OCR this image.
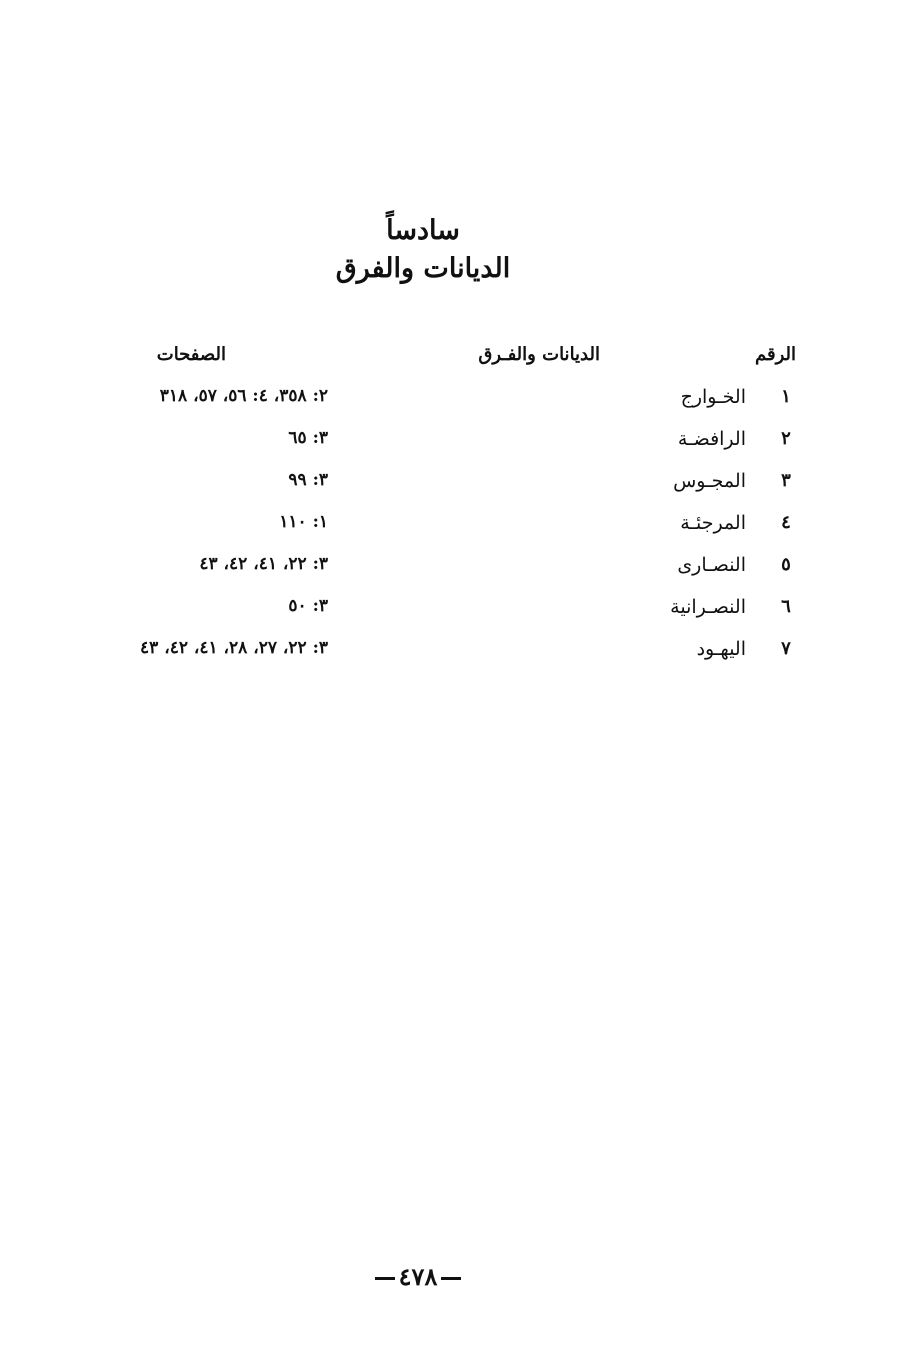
سادساً
الديانات والفرق
الرقم
الديانات والفـرق
الصفحات
١
الخـوارج
٢: ٣٥٨، ٤: ٥٦، ٥٧، ٣١٨
٢
الرافضـة
٣: ٦٥
٣
المجـوس
٣: ٩٩
٤
المرجئـة
١: ١١٠
٥
النصـارى
٣: ٢٢، ٤١، ٤٢، ٤٣
٦
النصـرانية
٣: ٥٠
٧
اليهـود
٣: ٢٢، ٢٧، ٢٨، ٤١، ٤٢، ٤٣
٤٧٨
